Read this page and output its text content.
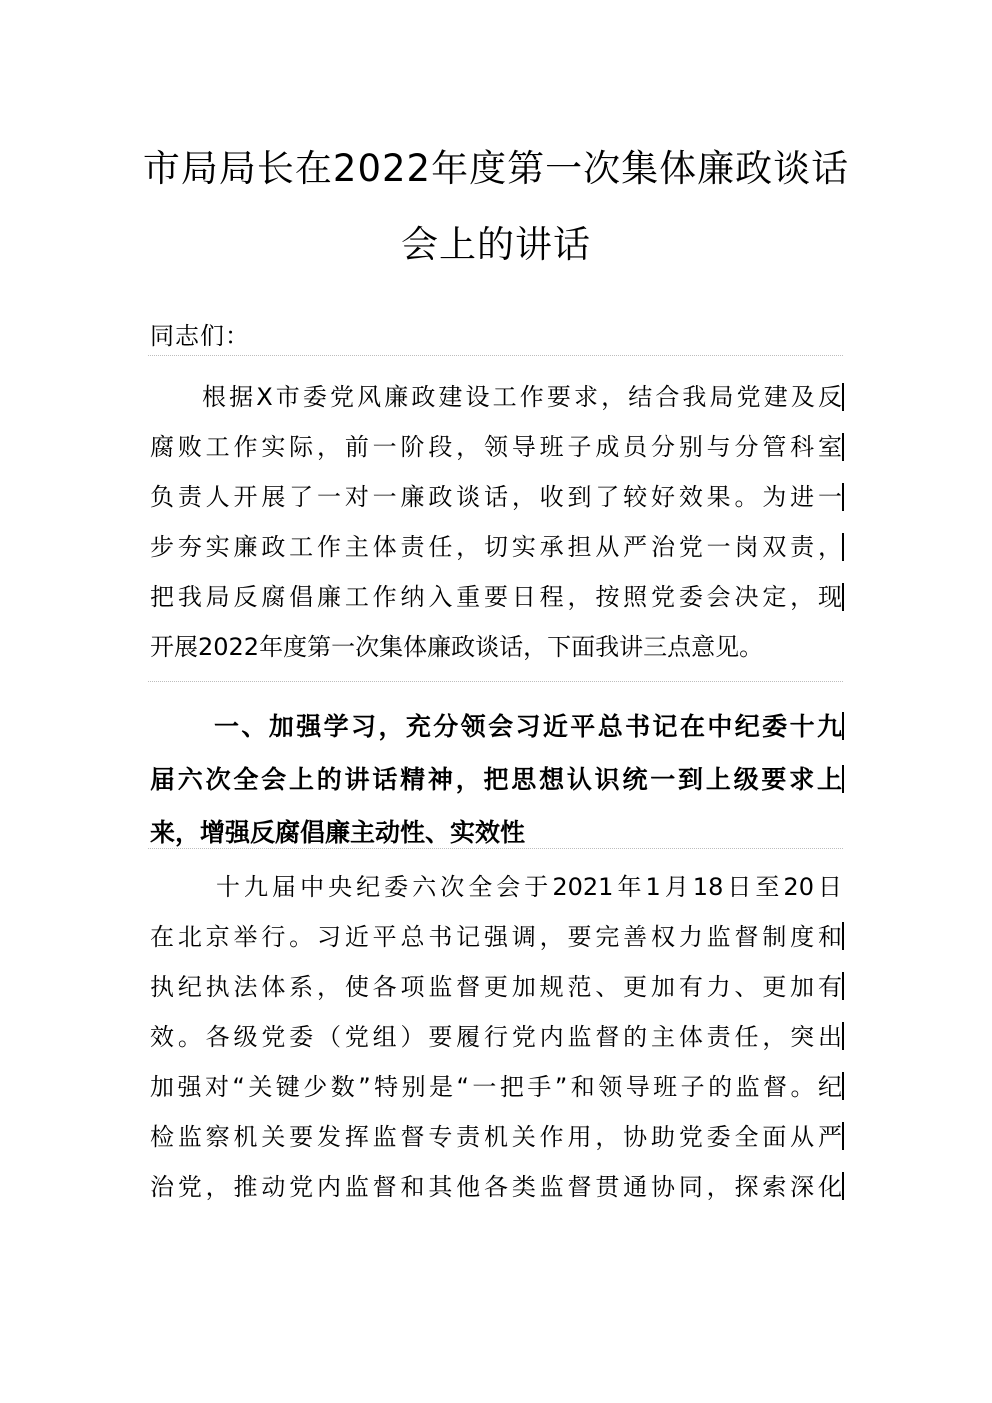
市局局长在2022年度第一次集体廉政谈话
会上的讲话
同志们：
根据X市委党风廉政建设工作要求，结合我局党建及反
腐败工作实际，前一阶段，领导班子成员分别与分管科室
负责人开展了一对一廉政谈话，收到了较好效果。为进一
步夯实廉政工作主体责任，切实承担从严治党一岗双责，
把我局反腐倡廉工作纳入重要日程，按照党委会决定，现
开展2022年度第一次集体廉政谈话，下面我讲三点意见。
一、加强学习，充分领会习近平总书记在中纪委十九
届六次全会上的讲话精神，把思想认识统一到上级要求上
来，增强反腐倡廉主动性、实效性
十九届中央纪委六次全会于2021年1月18日至20日
在北京举行。习近平总书记强调，要完善权力监督制度和
执纪执法体系，使各项监督更加规范、更加有力、更加有
效。各级党委（党组）要履行党内监督的主体责任，突出
加强对“关键少数”特别是“一把手”和领导班子的监督。纪
检监察机关要发挥监督专责机关作用，协助党委全面从严
治党，推动党内监督和其他各类监督贯通协同，探索深化
